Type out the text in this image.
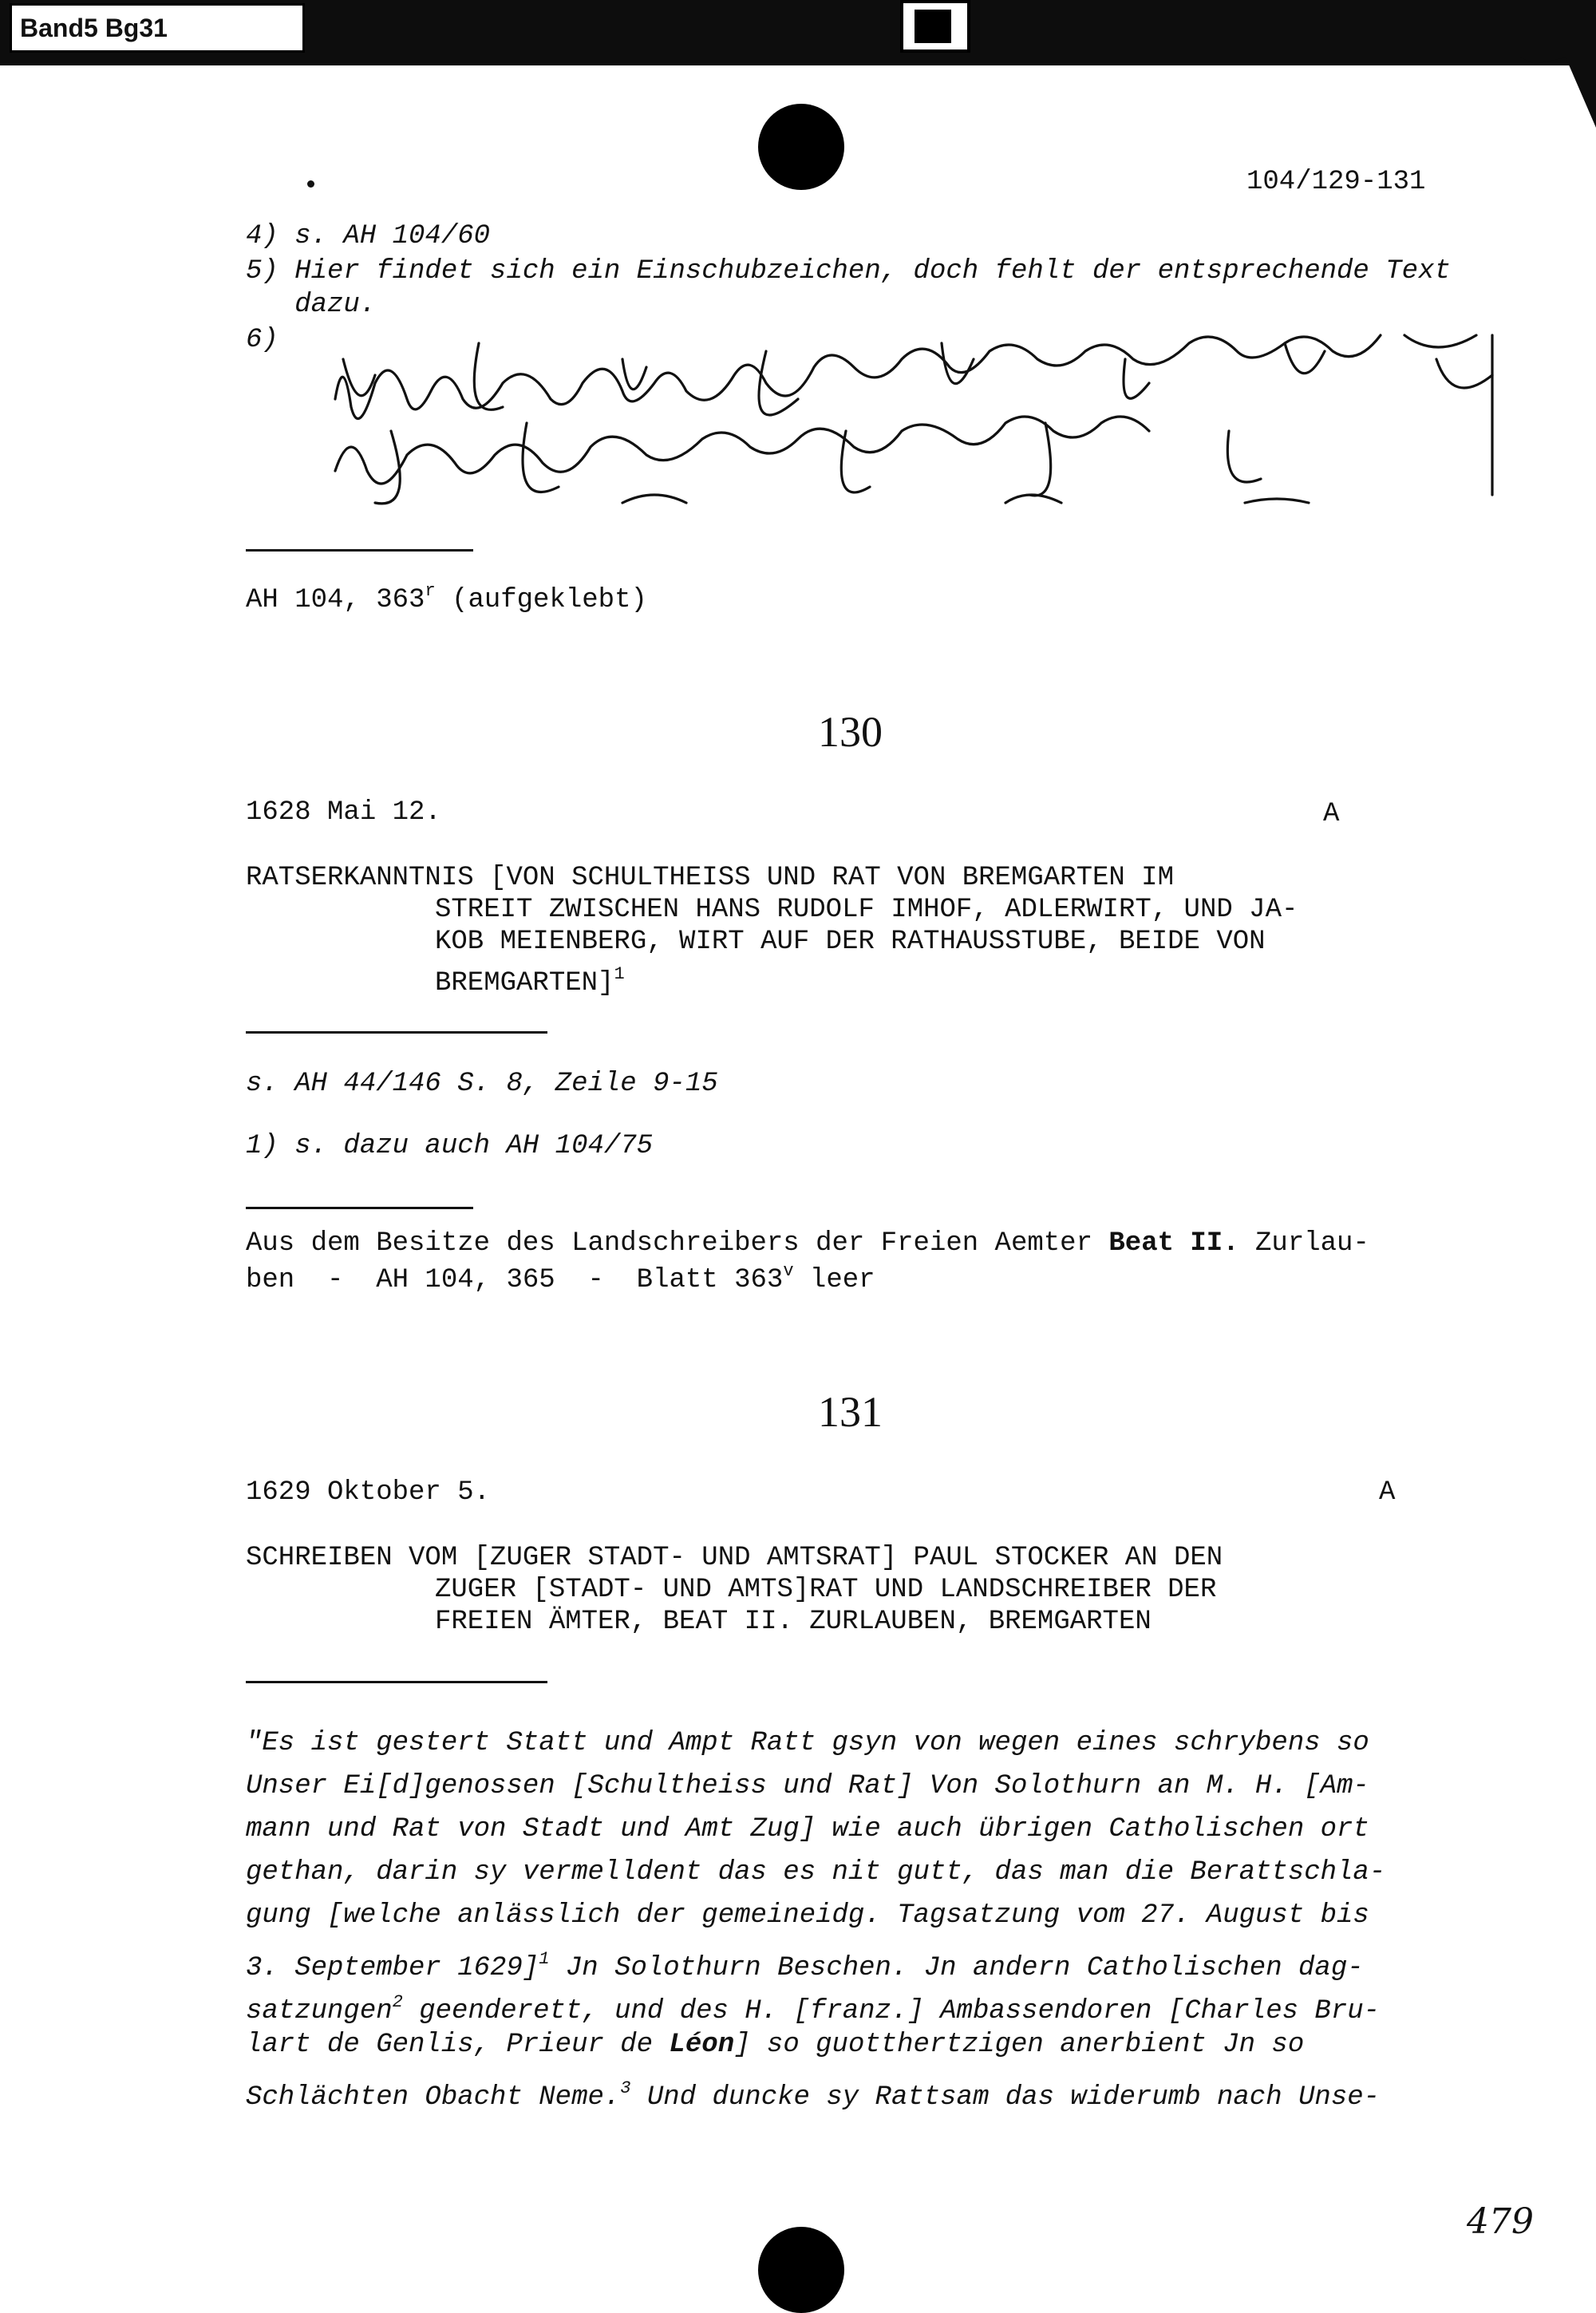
Band5 Bg31
104/129-131
4) s. AH 104/60
5) Hier findet sich ein Einschubzeichen, doch fehlt der entsprechende Text
dazu.
6)
AH 104, 363$^r$ (aufgeklebt)
130
1628 Mai 12.	A
RATSERKANNTNIS [VON SCHULTHEISS UND RAT VON BREMGARTEN IM
STREIT ZWISCHEN HANS RUDOLF IMHOF, ADLERWIRT, UND JA-
KOB MEIENBERG, WIRT AUF DER RATHAUSSTUBE, BEIDE VON
BREMGARTEN]$^1$
s. AH 44/146 S. 8, Zeile 9-15
1) s. dazu auch AH 104/75
Aus dem Besitze des Landschreibers der Freien Aemter Beat II. Zurlau-
ben  -  AH 104, 365  -  Blatt 363$^v$ leer
131
1629 Oktober 5.	A
SCHREIBEN VOM [ZUGER STADT- UND AMTSRAT] PAUL STOCKER AN DEN
ZUGER [STADT- UND AMTS]RAT UND LANDSCHREIBER DER
FREIEN ÄMTER, BEAT II. ZURLAUBEN, BREMGARTEN
"Es ist gestert Statt und Ampt Ratt gsyn von wegen eines schrybens so
Unser Ei[d]genossen [Schultheiss und Rat] Von Solothurn an M. H. [Am-
mann und Rat von Stadt und Amt Zug] wie auch übrigen Catholischen ort
gethan, darin sy vermelldent das es nit gutt, das man die Berattschla-
gung [welche anlässlich der gemeineidg. Tagsatzung vom 27. August bis
3. September 1629]$^1$ Jn Solothurn Beschen. Jn andern Catholischen dag-
satzungen$^2$ geenderett, und des H. [franz.] Ambassendoren [Charles Bru-
lart de Genlis, Prieur de Léon] so guotthertzigen anerbient Jn so
Schlächten Obacht Neme.$^3$ Und duncke sy Rattsam das widerumb nach Unse-
479
